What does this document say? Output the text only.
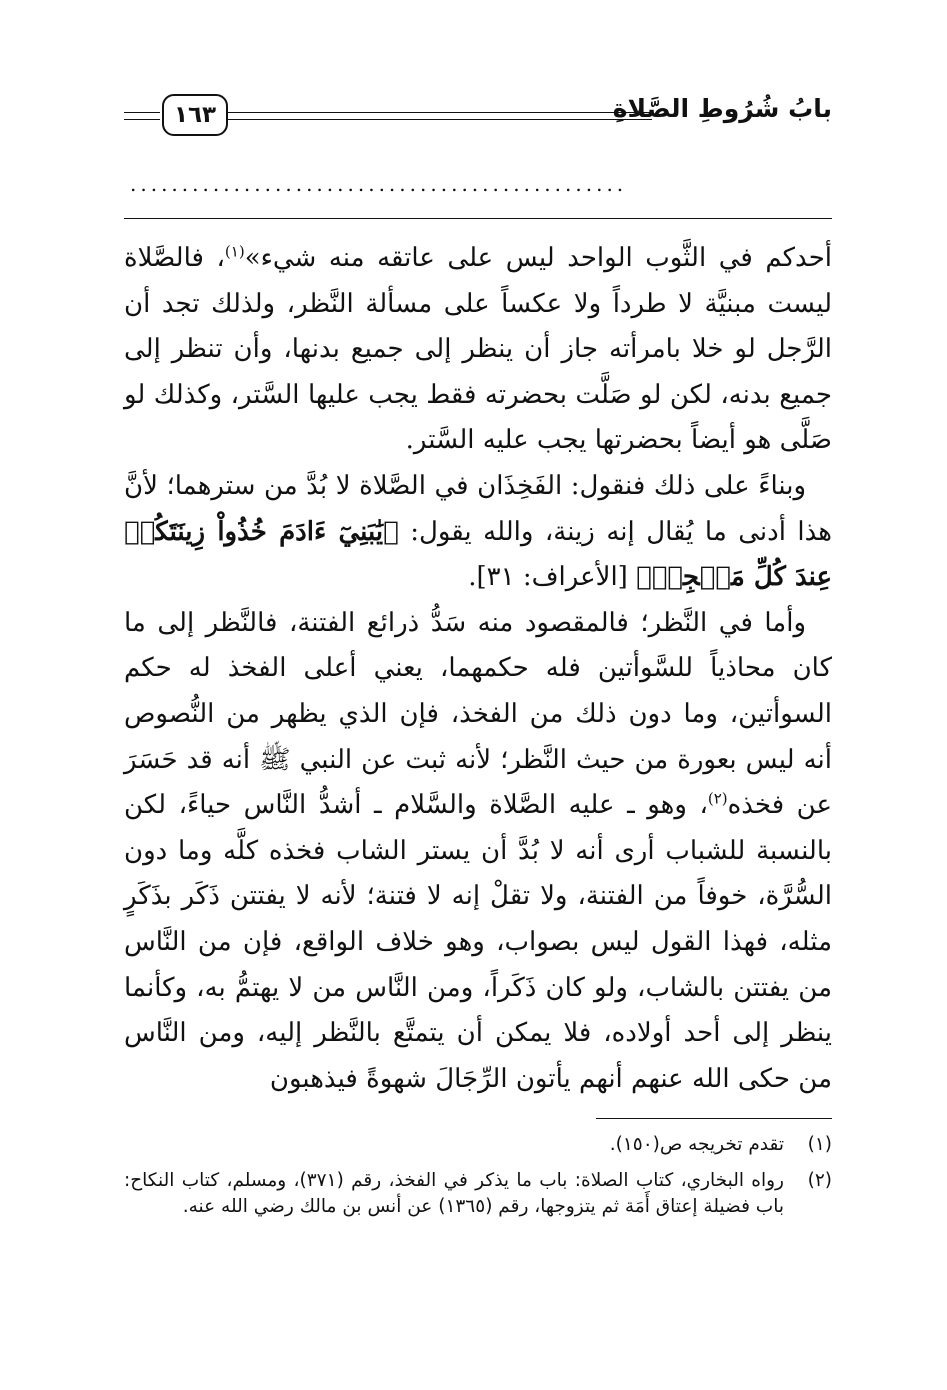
بابُ شُرُوطِ الصَّلاةِ
١٦٣
................................................

أحدكم في الثَّوب الواحد ليس على عاتقه منه شيء»$^{(١)}$، فالصَّلاة ليست مبنيَّة لا طرداً ولا عكساً على مسألة النَّظر، ولذلك تجد أن الرَّجل لو خلا بامرأته جاز أن ينظر إلى جميع بدنها، وأن تنظر إلى جميع بدنه، لكن لو صَلَّت بحضرته فقط يجب عليها السَّتر، وكذلك لو صَلَّى هو أيضاً بحضرتها يجب عليه السَّتر.

 وبناءً على ذلك فنقول: الفَخِذَان في الصَّلاة لا بُدَّ من سترهما؛ لأنَّ هذا أدنى ما يُقال إنه زينة، والله يقول: ﴿يَٰبَنِيٓ ءَادَمَ خُذُواْ زِينَتَكُمۡ عِندَ كُلِّ مَسۡجِدٖ﴾ [الأعراف: ٣١].

 وأما في النَّظر؛ فالمقصود منه سَدُّ ذرائع الفتنة، فالنَّظر إلى ما كان محاذياً للسَّوأتين فله حكمهما، يعني أعلى الفخذ له حكم السوأتين، وما دون ذلك من الفخذ، فإن الذي يظهر من النُّصوص أنه ليس بعورة من حيث النَّظر؛ لأنه ثبت عن النبي ﷺ أنه قد حَسَرَ عن فخذه$^{(٢)}$، وهو ـ عليه الصَّلاة والسَّلام ـ أشدُّ النَّاس حياءً، لكن بالنسبة للشباب أرى أنه لا بُدَّ أن يستر الشاب فخذه كلَّه وما دون السُّرَّة، خوفاً من الفتنة، ولا تقلْ إنه لا فتنة؛ لأنه لا يفتتن ذَكَر بذَكَرٍ مثله، فهذا القول ليس بصواب، وهو خلاف الواقع، فإن من النَّاس من يفتتن بالشاب، ولو كان ذَكَراً، ومن النَّاس من لا يهتمُّ به، وكأنما ينظر إلى أحد أولاده، فلا يمكن أن يتمتَّع بالنَّظر إليه، ومن النَّاس من حكى الله عنهم أنهم يأتون الرِّجَالَ شهوةً فيذهبون

(١)
تقدم تخريجه ص(١٥٠).
(٢)
رواه البخاري، كتاب الصلاة: باب ما يذكر في الفخذ، رقم (٣٧١)، ومسلم، كتاب النكاح: باب فضيلة إعتاق أَمَة ثم يتزوجها، رقم (١٣٦٥) عن أنس بن مالك رضي الله عنه.
